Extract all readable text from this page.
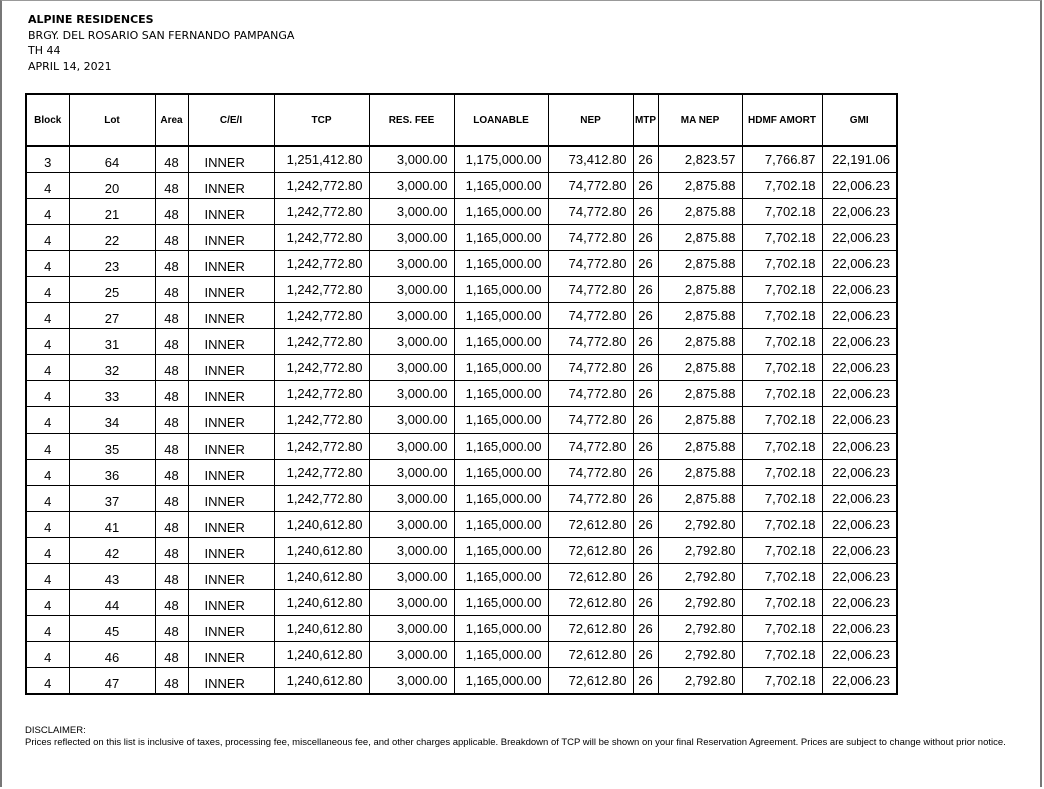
ALPINE RESIDENCES
BRGY. DEL ROSARIO SAN FERNANDO PAMPANGA
TH 44
APRIL 14, 2021
Block	Lot	Area	C/E/I	TCP	RES. FEE	LOANABLE	NEP	MTP	MA NEP	HDMF AMORT	GMI
3	64	48	INNER	1,251,412.80	3,000.00	1,175,000.00	73,412.80	26	2,823.57	7,766.87	22,191.06
4	20	48	INNER	1,242,772.80	3,000.00	1,165,000.00	74,772.80	26	2,875.88	7,702.18	22,006.23
4	21	48	INNER	1,242,772.80	3,000.00	1,165,000.00	74,772.80	26	2,875.88	7,702.18	22,006.23
4	22	48	INNER	1,242,772.80	3,000.00	1,165,000.00	74,772.80	26	2,875.88	7,702.18	22,006.23
4	23	48	INNER	1,242,772.80	3,000.00	1,165,000.00	74,772.80	26	2,875.88	7,702.18	22,006.23
4	25	48	INNER	1,242,772.80	3,000.00	1,165,000.00	74,772.80	26	2,875.88	7,702.18	22,006.23
4	27	48	INNER	1,242,772.80	3,000.00	1,165,000.00	74,772.80	26	2,875.88	7,702.18	22,006.23
4	31	48	INNER	1,242,772.80	3,000.00	1,165,000.00	74,772.80	26	2,875.88	7,702.18	22,006.23
4	32	48	INNER	1,242,772.80	3,000.00	1,165,000.00	74,772.80	26	2,875.88	7,702.18	22,006.23
4	33	48	INNER	1,242,772.80	3,000.00	1,165,000.00	74,772.80	26	2,875.88	7,702.18	22,006.23
4	34	48	INNER	1,242,772.80	3,000.00	1,165,000.00	74,772.80	26	2,875.88	7,702.18	22,006.23
4	35	48	INNER	1,242,772.80	3,000.00	1,165,000.00	74,772.80	26	2,875.88	7,702.18	22,006.23
4	36	48	INNER	1,242,772.80	3,000.00	1,165,000.00	74,772.80	26	2,875.88	7,702.18	22,006.23
4	37	48	INNER	1,242,772.80	3,000.00	1,165,000.00	74,772.80	26	2,875.88	7,702.18	22,006.23
4	41	48	INNER	1,240,612.80	3,000.00	1,165,000.00	72,612.80	26	2,792.80	7,702.18	22,006.23
4	42	48	INNER	1,240,612.80	3,000.00	1,165,000.00	72,612.80	26	2,792.80	7,702.18	22,006.23
4	43	48	INNER	1,240,612.80	3,000.00	1,165,000.00	72,612.80	26	2,792.80	7,702.18	22,006.23
4	44	48	INNER	1,240,612.80	3,000.00	1,165,000.00	72,612.80	26	2,792.80	7,702.18	22,006.23
4	45	48	INNER	1,240,612.80	3,000.00	1,165,000.00	72,612.80	26	2,792.80	7,702.18	22,006.23
4	46	48	INNER	1,240,612.80	3,000.00	1,165,000.00	72,612.80	26	2,792.80	7,702.18	22,006.23
4	47	48	INNER	1,240,612.80	3,000.00	1,165,000.00	72,612.80	26	2,792.80	7,702.18	22,006.23
DISCLAIMER:
Prices reflected on this list is inclusive of taxes, processing fee, miscellaneous fee, and other charges applicable. Breakdown of TCP will be shown on your final Reservation Agreement. Prices are subject to change without prior notice.
